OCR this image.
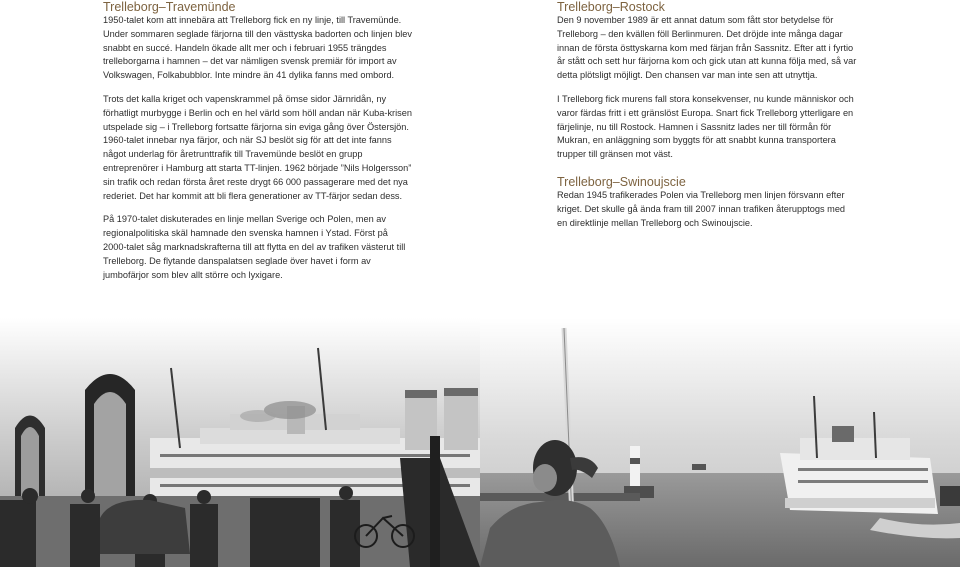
Trelleborg–Travemünde

1950-talet kom att innebära att Trelleborg fick en ny linje, till Travemünde. Under sommaren seglade färjorna till den västtyska badorten och linjen blev snabbt en succé. Handeln ökade allt mer och i februari 1955 trängdes trelleborgarna i hamnen – det var nämligen svensk premiär för import av Volkswagen, Folkabubblor. Inte mindre än 41 dylika fanns med ombord.

Trots det kalla kriget och vapenskrammel på ömse sidor Järnridån, ny förhatligt murbygge i Berlin och en hel värld som höll andan när Kuba-krisen utspelade sig – i Trelleborg fortsatte färjorna sin eviga gång över Östersjön. 1960-talet innebar nya färjor, och när SJ beslöt sig för att det inte fanns något underlag för åretrunttrafik till Travemünde beslöt en grupp entreprenörer i Hamburg att starta TT-linjen. 1962 började ”Nils Holgersson” sin trafik och redan första året reste drygt 66 000 passagerare med det nya rederiet. Det har kommit att bli flera generationer av TT-färjor sedan dess.

På 1970-talet diskuterades en linje mellan Sverige och Polen, men av regionalpolitiska skäl hamnade den svenska hamnen i Ystad. Först på 2000-talet såg marknadskrafterna till att flytta en del av trafiken västerut till Trelleborg. De flytande danspalatsen seglade över havet i form av jumbofärjor som blev allt större och lyxigare.

Trelleborg–Rostock

Den 9 november 1989 är ett annat datum som fått stor betydelse för Trelleborg – den kvällen föll Berlinmuren. Det dröjde inte många dagar innan de första östtyskarna kom med färjan från Sassnitz. Efter att i fyrtio år stått och sett hur färjorna kom och gick utan att kunna följa med, så var detta plötsligt möjligt. Den chansen var man inte sen att utnyttja.

I Trelleborg fick murens fall stora konsekvenser, nu kunde människor och varor färdas fritt i ett gränslöst Europa. Snart fick Trelleborg ytterligare en färjelinje, nu till Rostock. Hamnen i Sassnitz lades ner till förmån för Mukran, en anläggning som byggts för att snabbt kunna transportera trupper till gränsen mot väst.

Trelleborg–Swinoujscie

Redan 1945 trafikerades Polen via Trelleborg men linjen försvann efter kriget. Det skulle gå ända fram till 2007 innan trafiken återupptogs med en direktlinje mellan Trelleborg och Swinoujscie.
